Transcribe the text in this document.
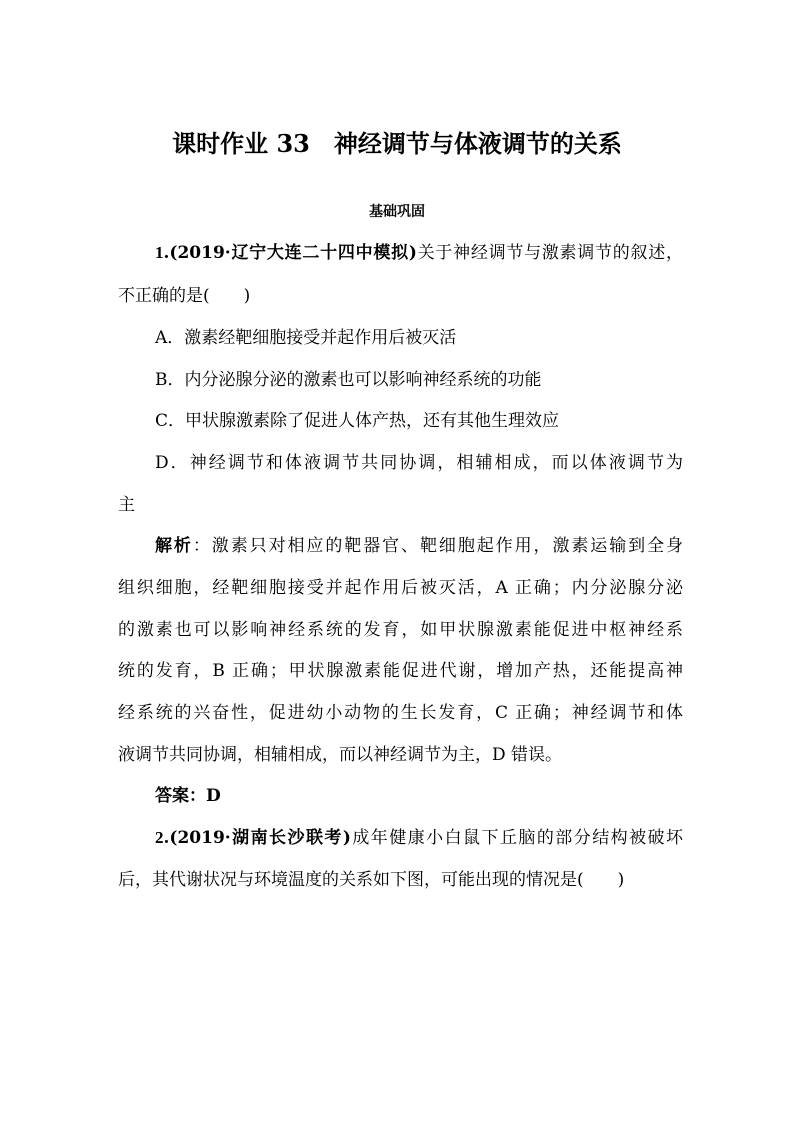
课时作业 33　神经调节与体液调节的关系
基础巩固
1.(2019·辽宁大连二十四中模拟)关于神经调节与激素调节的叙述，
不正确的是(　　)
A．激素经靶细胞接受并起作用后被灭活
B．内分泌腺分泌的激素也可以影响神经系统的功能
C．甲状腺激素除了促进人体产热，还有其他生理效应
D．神经调节和体液调节共同协调，相辅相成，而以体液调节为
主
解析：激素只对相应的靶器官、靶细胞起作用，激素运输到全身
组织细胞，经靶细胞接受并起作用后被灭活，A 正确；内分泌腺分泌
的激素也可以影响神经系统的发育，如甲状腺激素能促进中枢神经系
统的发育，B 正确；甲状腺激素能促进代谢，增加产热，还能提高神
经系统的兴奋性，促进幼小动物的生长发育，C 正确；神经调节和体
液调节共同协调，相辅相成，而以神经调节为主，D 错误。
答案：D
2.(2019·湖南长沙联考)成年健康小白鼠下丘脑的部分结构被破坏
后，其代谢状况与环境温度的关系如下图，可能出现的情况是(　　)
